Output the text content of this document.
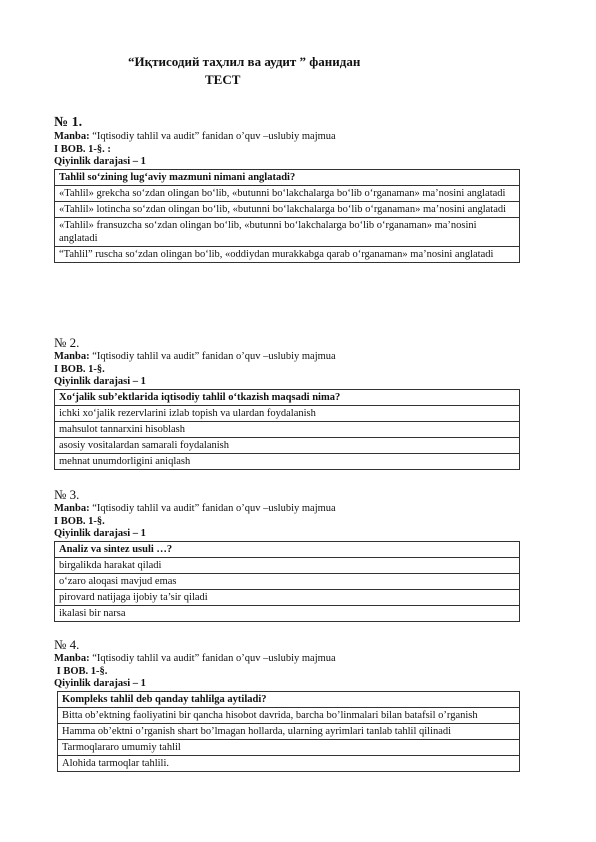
“Иқтисодий таҳлил ва аудит ” фанидан
ТЕСТ
№ 1.
Manba: “Iqtisodiy tahlil va audit” fanidan o’quv –uslubiy majmua
I BOB. 1-§. :
Qiyinlik darajasi – 1
Tahlil so‘zining lug‘aviy mazmuni nimani anglatadi?
«Tahlil» grekcha so‘zdan olingan bo‘lib, «butunni bo‘lakchalarga bo‘lib o‘rganaman» ma’nosini anglatadi
«Tahlil» lotincha so‘zdan olingan bo‘lib, «butunni bo‘lakchalarga bo‘lib o‘rganaman» ma’nosini anglatadi
«Tahlil» fransuzcha so‘zdan olingan bo‘lib, «butunni bo‘lakchalarga bo‘lib o‘rganaman» ma’nosini anglatadi
“Tahlil” ruscha so‘zdan olingan bo‘lib, «oddiydan murakkabga qarab o‘rganaman» ma’nosini anglatadi
№ 2.
Manba: “Iqtisodiy tahlil va audit” fanidan o’quv –uslubiy majmua
I BOB. 1-§.
Qiyinlik darajasi – 1
Xo‘jalik sub’ektlarida iqtisodiy tahlil o‘tkazish maqsadi nima?
ichki xo‘jalik rezervlarini izlab topish va ulardan foydalanish
mahsulot tannarxini hisoblash
asosiy vositalardan samarali foydalanish
mehnat unumdorligini aniqlash
№ 3.
Manba: “Iqtisodiy tahlil va audit” fanidan o’quv –uslubiy majmua
I BOB. 1-§.
Qiyinlik darajasi – 1
Analiz va sintez usuli …?
birgalikda harakat qiladi
o‘zaro aloqasi mavjud emas
pirovard natijaga ijobiy ta’sir qiladi
ikalasi bir narsa
№ 4.
Manba: “Iqtisodiy tahlil va audit” fanidan o’quv –uslubiy majmua
I BOB. 1-§.
Qiyinlik darajasi – 1
Kompleks tahlil deb qanday tahlilga aytiladi?
Bitta ob’ektning faoliyatini bir qancha hisobot davrida, barcha bo’linmalari bilan batafsil o’rganish
Hamma ob’ektni o’rganish shart bo’lmagan hollarda, ularning ayrimlari tanlab tahlil qilinadi
Tarmoqlararo umumiy tahlil
Alohida tarmoqlar tahlili.
